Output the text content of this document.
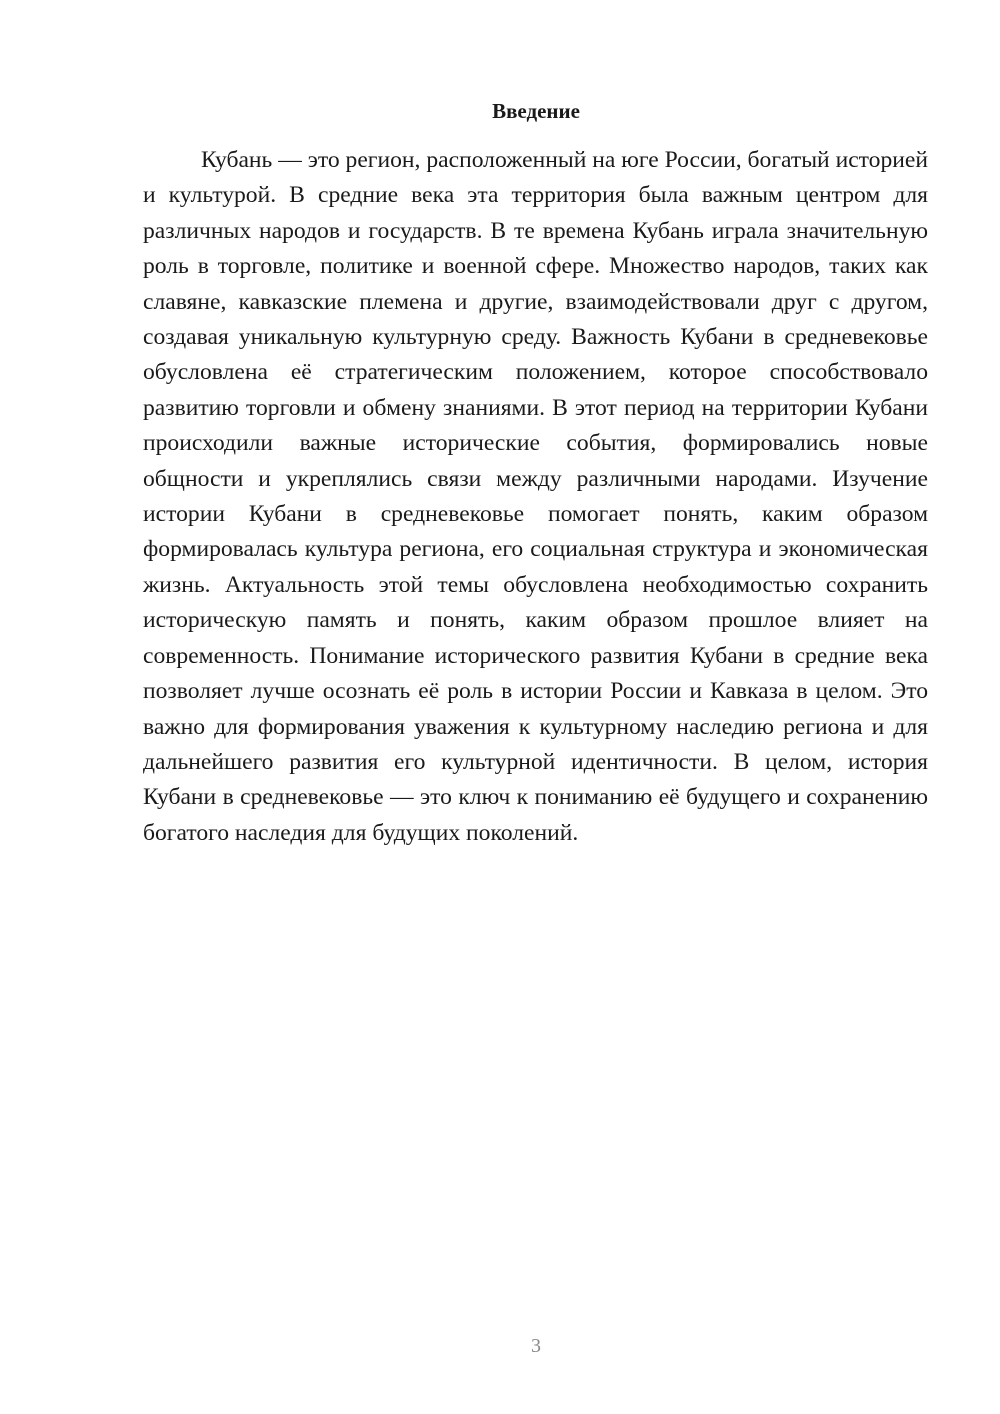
Введение

Кубань — это регион, расположенный на юге России, богатый историей и культурой. В средние века эта территория была важным центром для различных народов и государств. В те времена Кубань играла значительную роль в торговле, политике и военной сфере. Множество народов, таких как славяне, кавказские племена и другие, взаимодействовали друг с другом, создавая уникальную культурную среду. Важность Кубани в средневековье обусловлена её стратегическим положением, которое способствовало развитию торговли и обмену знаниями. В этот период на территории Кубани происходили важные исторические события, формировались новые общности и укреплялись связи между различными народами. Изучение истории Кубани в средневековье помогает понять, каким образом формировалась культура региона, его социальная структура и экономическая жизнь. Актуальность этой темы обусловлена необходимостью сохранить историческую память и понять, каким образом прошлое влияет на современность. Понимание исторического развития Кубани в средние века позволяет лучше осознать её роль в истории России и Кавказа в целом. Это важно для формирования уважения к культурному наследию региона и для дальнейшего развития его культурной идентичности. В целом, история Кубани в средневековье — это ключ к пониманию её будущего и сохранению богатого наследия для будущих поколений.

3
